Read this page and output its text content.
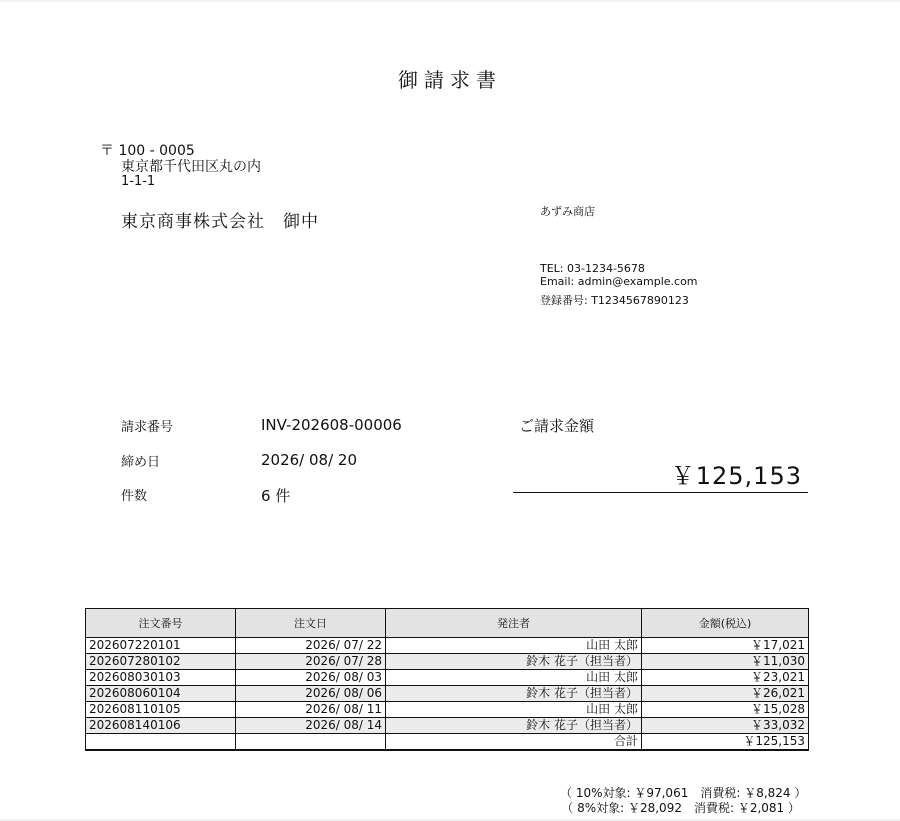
御請求書
〒 100 - 0005
東京都千代田区丸の内
1-1-1
東京商事株式会社　御中
あずみ商店
TEL: 03-1234-5678
Email: admin@example.com
登録番号: T1234567890123
請求番号	INV-202608-00006
締め日	2026/ 08/ 20
件数	6 件
ご請求金額
￥125,153
注文番号	注文日	発注者	金額(税込)
202607220101	2026/ 07/ 22	山田 太郎	￥17,021
202607280102	2026/ 07/ 28	鈴木 花子（担当者）	￥11,030
202608030103	2026/ 08/ 03	山田 太郎	￥23,021
202608060104	2026/ 08/ 06	鈴木 花子（担当者）	￥26,021
202608110105	2026/ 08/ 11	山田 太郎	￥15,028
202608140106	2026/ 08/ 14	鈴木 花子（担当者）	￥33,032
		合計	￥125,153
（ 10%対象: ￥97,061　消費税: ￥8,824 ）
（ 8%対象: ￥28,092　消費税: ￥2,081 ）
